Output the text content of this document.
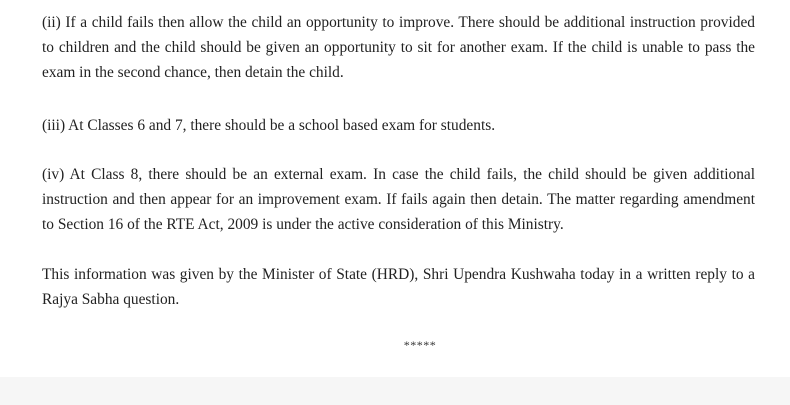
(ii) If a child fails then allow the child an opportunity to improve. There should be additional instruction provided to children and the child should be given an opportunity to sit for another exam. If the child is unable to pass the exam in the second chance, then detain the child.

(iii) At Classes 6 and 7, there should be a school based exam for students.

(iv) At Class 8, there should be an external exam. In case the child fails, the child should be given additional instruction and then appear for an improvement exam. If fails again then detain. The matter regarding amendment to Section 16 of the RTE Act, 2009 is under the active consideration of this Ministry.

This information was given by the Minister of State (HRD), Shri Upendra Kushwaha today in a written reply to a Rajya Sabha question.

*****
